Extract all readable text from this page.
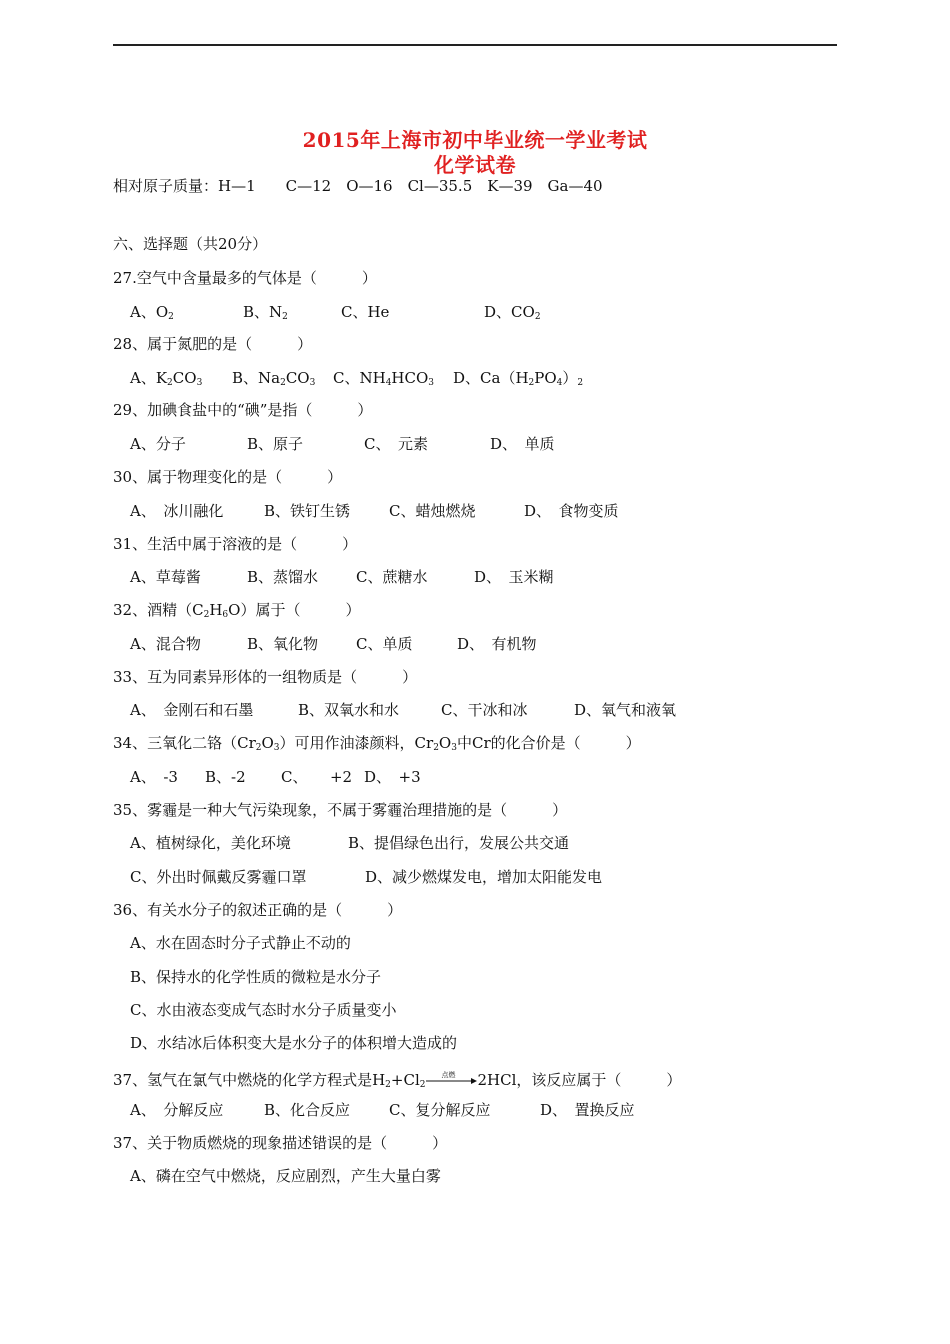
2015年上海市初中毕业统一学业考试
化学试卷
相对原子质量：H—1　　C—12　O—16　Cl—35.5　K—39　Ga—40
六、选择题（共20分）
27.空气中含量最多的气体是（　　　）
A、$O_2$	B、$N_2$	C、He	D、$CO_2$
28、属于氮肥的是（　　　）
A、$K_2CO_3$ B、$Na_2CO_3$ C、$NH_4HCO_3$ D、$Ca(H_2PO_4)_2$
29、加碘食盐中的“碘”是指（　　　）
A、分子	B、原子	C、　元素	D、　单质
30、属于物理变化的是（　　　）
A、　冰川融化	B、铁钉生锈	C、蜡烛燃烧	D、　食物变质
31、生活中属于溶液的是（　　　）
A、草莓酱	B、蒸馏水	C、蔗糖水	D、　玉米糊
32、酒精$(C_2H_6O)$属于（　　　）
A、混合物	B、氧化物	C、单质	D、　有机物
33、互为同素异形体的一组物质是（　　　）
A、　金刚石和石墨	B、双氧水和水	C、干冰和冰	D、氧气和液氧
34、三氧化二铬$(Cr_2O_3)$可用作油漆颜料，$Cr_2O_3$中Cr的化合价是（　　　）
A、　-3 B、-2 C、　　+2 D、　+3
35、雾霾是一种大气污染现象，不属于雾霾治理措施的是（　　　）
A、植树绿化，美化环境	B、提倡绿色出行，发展公共交通
C、外出时佩戴反雾霾口罩	D、减少燃煤发电，增加太阳能发电
36、有关水分子的叙述正确的是（　　　）
A、水在固态时分子式静止不动的
B、保持水的化学性质的微粒是水分子
C、水由液态变成气态时水分子质量变小
D、水结冰后体积变大是水分子的体积增大造成的
37、氢气在氯气中燃烧的化学方程式是$H_2+Cl_2$
点燃 2HCl，该反应属于（　　　）
A、　分解反应	B、化合反应	C、复分解反应	D、　置换反应
37、关于物质燃烧的现象描述错误的是（　　　）
A、磷在空气中燃烧，反应剧烈，产生大量白雾
